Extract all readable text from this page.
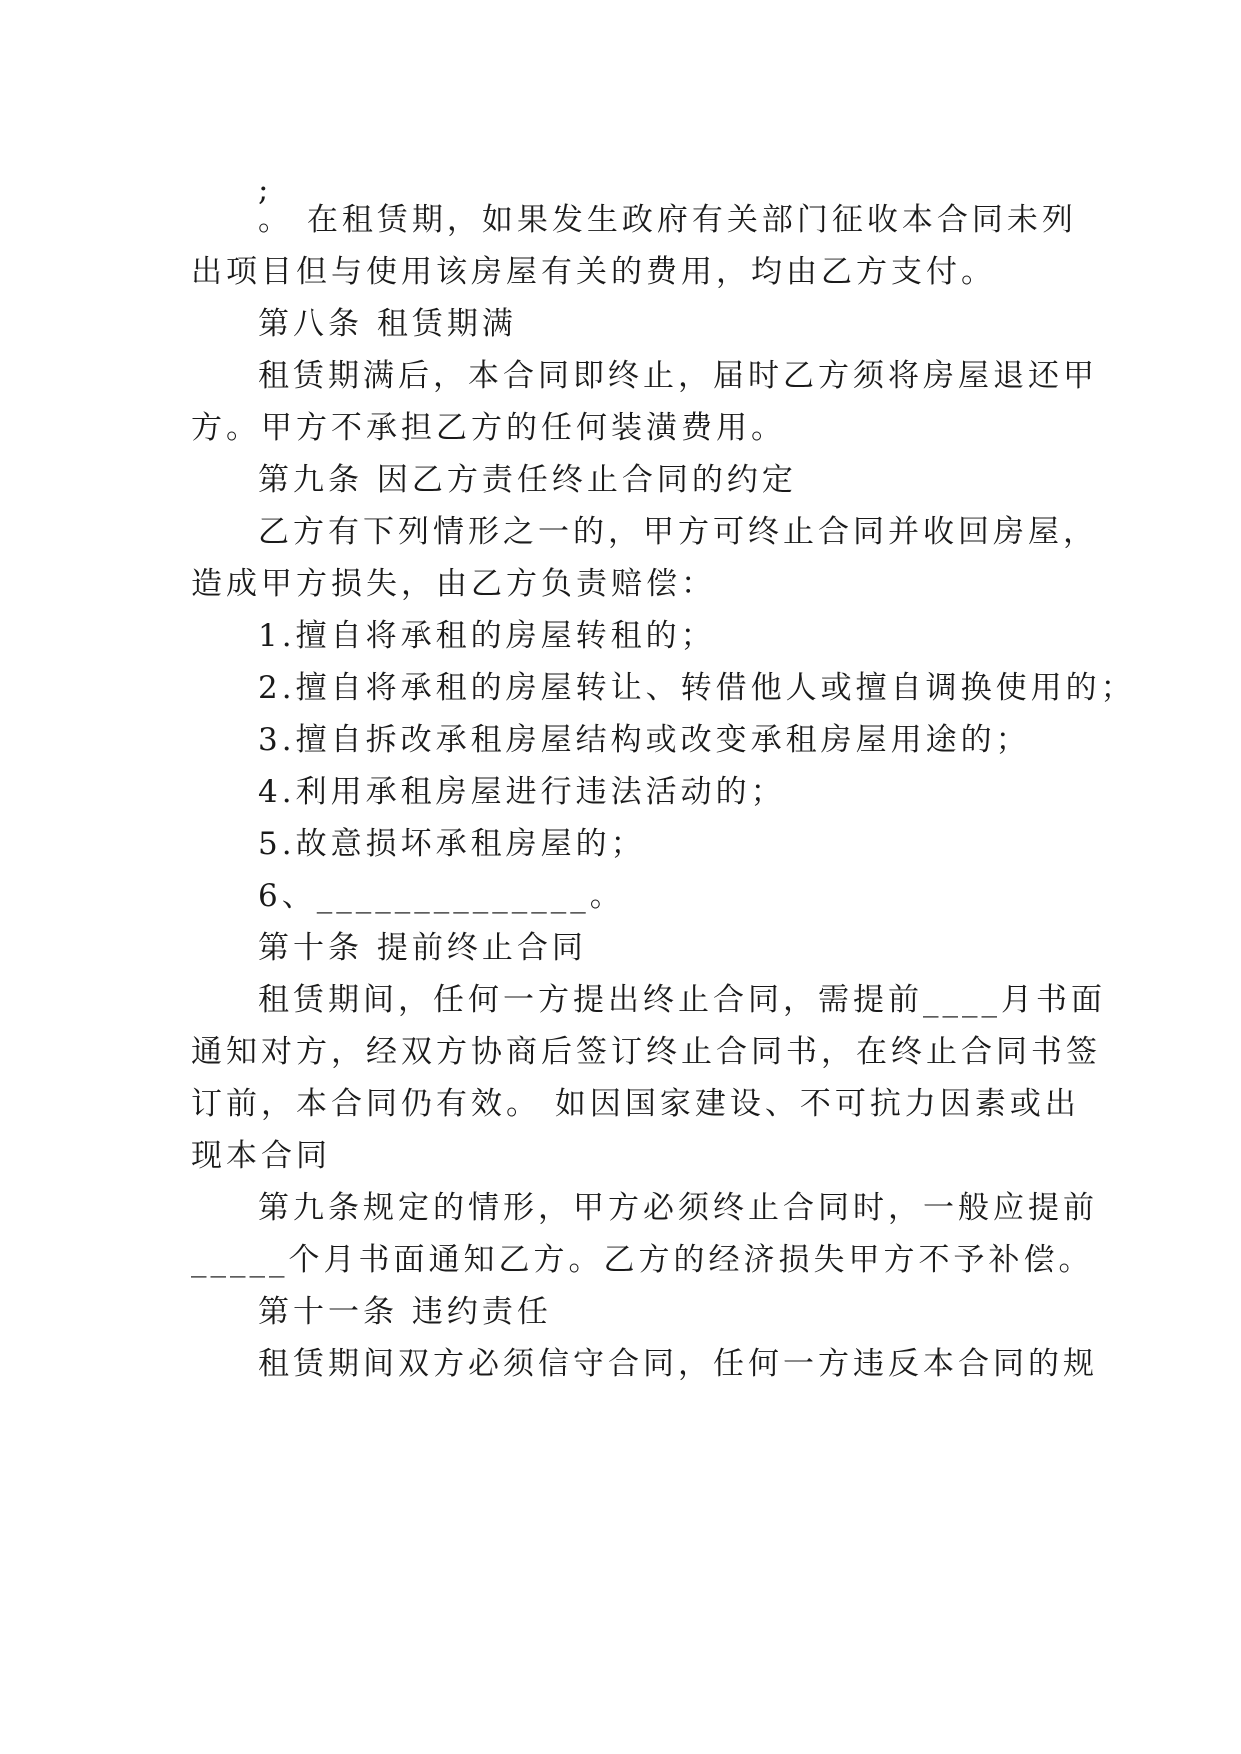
;
。 在租赁期，如果发生政府有关部门征收本合同未列
出项目但与使用该房屋有关的费用，均由乙方支付。
第八条 租赁期满
租赁期满后，本合同即终止，届时乙方须将房屋退还甲
方。甲方不承担乙方的任何装潢费用。
第九条 因乙方责任终止合同的约定
乙方有下列情形之一的，甲方可终止合同并收回房屋，
造成甲方损失，由乙方负责赔偿：
1.擅自将承租的房屋转租的；
2.擅自将承租的房屋转让、转借他人或擅自调换使用的；
3.擅自拆改承租房屋结构或改变承租房屋用途的；
4.利用承租房屋进行违法活动的；
5.故意损坏承租房屋的；
6、______________。
第十条 提前终止合同
租赁期间，任何一方提出终止合同，需提前____月书面
通知对方，经双方协商后签订终止合同书，在终止合同书签
订前，本合同仍有效。 如因国家建设、不可抗力因素或出
现本合同
第九条规定的情形，甲方必须终止合同时，一般应提前
_____个月书面通知乙方。乙方的经济损失甲方不予补偿。
第十一条 违约责任
租赁期间双方必须信守合同，任何一方违反本合同的规
